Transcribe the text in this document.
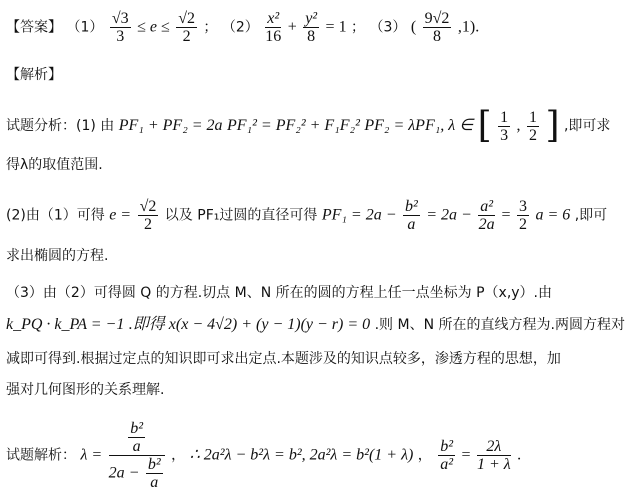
【答案】 $(1) \frac{√3}{3} \le e \le \frac{√2}{2}$ ； $(2) \frac{\text{x²}}{16} + \frac{\text{y²}}{8} = 1$ ； （3） ( $\frac{9√2}{8} ,1$).
【解析】
试题分析：(1) 由 PF₁ + PF₂ = 2a PF₁² = PF₂² + F₁F₂² PF₂ = λPF₁, λ ∈ [ $\frac{1}{3}$ , $\frac{1}{2}$ ] ,即可求
得λ的取值范围.
(2)由（1）可得 $e = \frac{√2}{2}$ 以及 PF₁过圆的直径可得 $PF_1 = 2a - \frac{\text{b²}}{a} = 2a - \frac{\text{a²}}{2a} = \frac{3}{2}$ a = 6 ,即可
求出椭圆的方程.
（3）由（2）可得圆 Q 的方程.切点 M、N 所在的圆的方程上任一点坐标为 P（x,y）.由
k_PQ · k_PA = −1 .即得 x(x − 4√2) + (y − 1)(y − r) = 0 .则 M、N 所在的直线方程为.两圆方程对
减即可得到.根据过定点的知识即可求出定点.本题涉及的知识点较多，渗透方程的思想，加
强对几何图形的关系理解.
试题解析： $\lambda = \frac{\frac{\text{b²}}{a}}{2a - \frac{\text{b²}}{a}}$ ， ∴ 2a²λ − b²λ = b², 2a²λ = b²(1 + λ) ， $\frac{\text{b²}}{\text{a²}} = \frac{2\lambda}{1 + \lambda}$ .
